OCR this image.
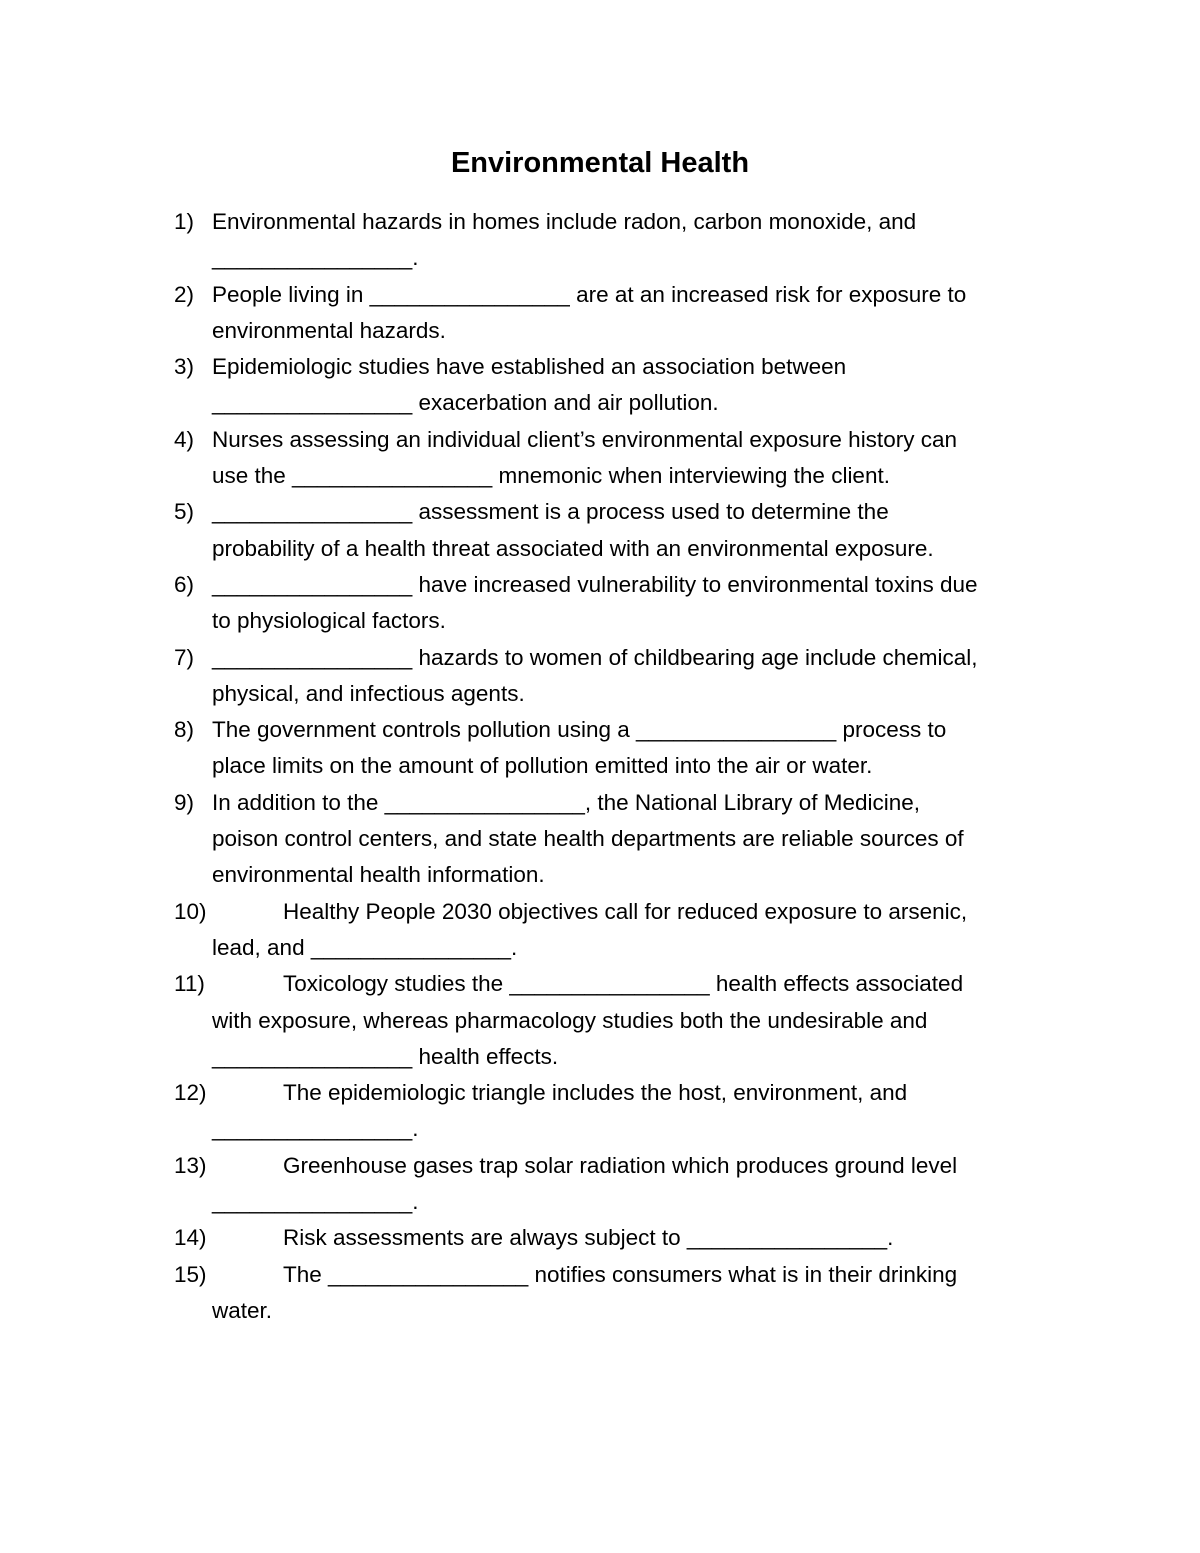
Environmental Health
1) Environmental hazards in homes include radon, carbon monoxide, and
________________.
2) People living in ________________ are at an increased risk for exposure to
environmental hazards.
3) Epidemiologic studies have established an association between
________________ exacerbation and air pollution.
4) Nurses assessing an individual client’s environmental exposure history can
use the ________________ mnemonic when interviewing the client.
5) ________________ assessment is a process used to determine the
probability of a health threat associated with an environmental exposure.
6) ________________ have increased vulnerability to environmental toxins due
to physiological factors.
7) ________________ hazards to women of childbearing age include chemical,
physical, and infectious agents.
8) The government controls pollution using a ________________ process to
place limits on the amount of pollution emitted into the air or water.
9) In addition to the ________________, the National Library of Medicine,
poison control centers, and state health departments are reliable sources of
environmental health information.
10)	Healthy People 2030 objectives call for reduced exposure to arsenic,
lead, and ________________.
11)	Toxicology studies the ________________ health effects associated
with exposure, whereas pharmacology studies both the undesirable and
________________ health effects.
12)	The epidemiologic triangle includes the host, environment, and
________________.
13)	Greenhouse gases trap solar radiation which produces ground level
________________.
14)	Risk assessments are always subject to ________________.
15)	The ________________ notifies consumers what is in their drinking
water.
